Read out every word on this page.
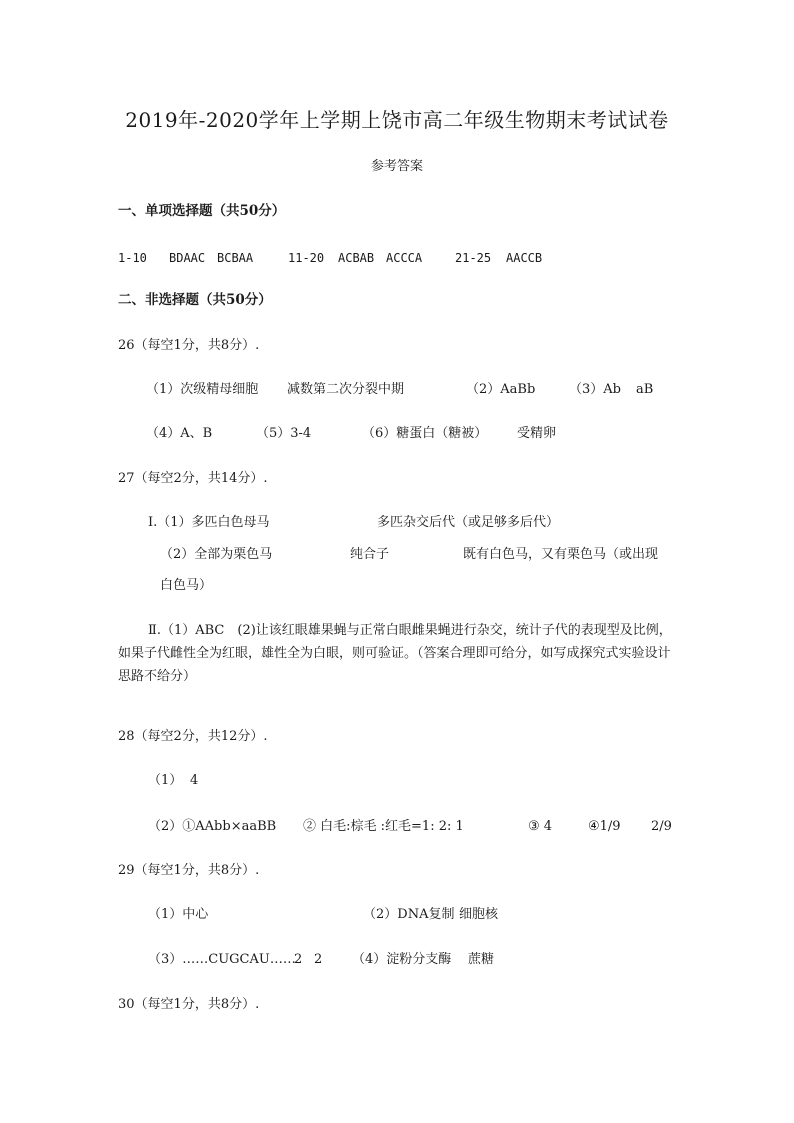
2019年-2020学年上学期上饶市高二年级生物期末考试试卷
参考答案
一、单项选择题（共50分）
1-10 BDAAC BCBAA	11-20 ACBAB ACCCA	21-25 AACCB
二、非选择题（共50分）
26（每空1分，共8分）.
（1）次级精母细胞 减数第二次分裂中期	（2）AaBb	（3）Ab aB
（4）A、B	（5）3-4	（6）糖蛋白（糖被） 受精卵
27（每空2分，共14分）.
Ⅰ.（1）多匹白色母马	多匹杂交后代（或足够多后代）
（2）全部为栗色马	纯合子	既有白色马，又有栗色马（或出现
白色马）
Ⅱ.（1）ABC　(2)让该红眼雄果蝇与正常白眼雌果蝇进行杂交，统计子代的表现型及比例，如果子代雌性全为红眼，雄性全为白眼，则可验证。（答案合理即可给分，如写成探究式实验设计思路不给分）
28（每空2分，共12分）.
（1） 4
（2）①AAbb×aaBB ② 白毛:棕毛 :红毛=1: 2: 1	③ 4	④1/9 2/9
29（每空1分，共8分）.
（1）中心	（2）DNA复制 细胞核
（3）……CUGCAU……
2 2 （4）淀粉分支酶 蔗糖
30（每空1分，共8分）.
